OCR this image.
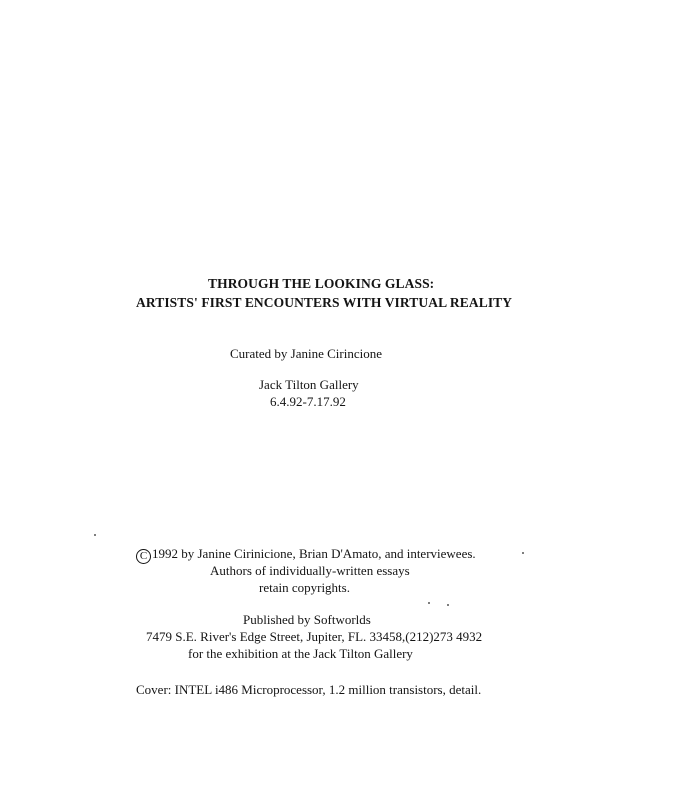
THROUGH THE LOOKING GLASS:
ARTISTS' FIRST ENCOUNTERS WITH VIRTUAL REALITY
Curated by Janine Cirincione
Jack Tilton Gallery
6.4.92-7.17.92
C 1992 by Janine Cirinicione, Brian D'Amato, and interviewees.
Authors of individually-written essays
retain copyrights.
Published by Softworlds
7479 S.E. River's Edge Street, Jupiter, FL. 33458,(212)273 4932
for the exhibition at the Jack Tilton Gallery
Cover: INTEL i486 Microprocessor, 1.2 million transistors, detail.
